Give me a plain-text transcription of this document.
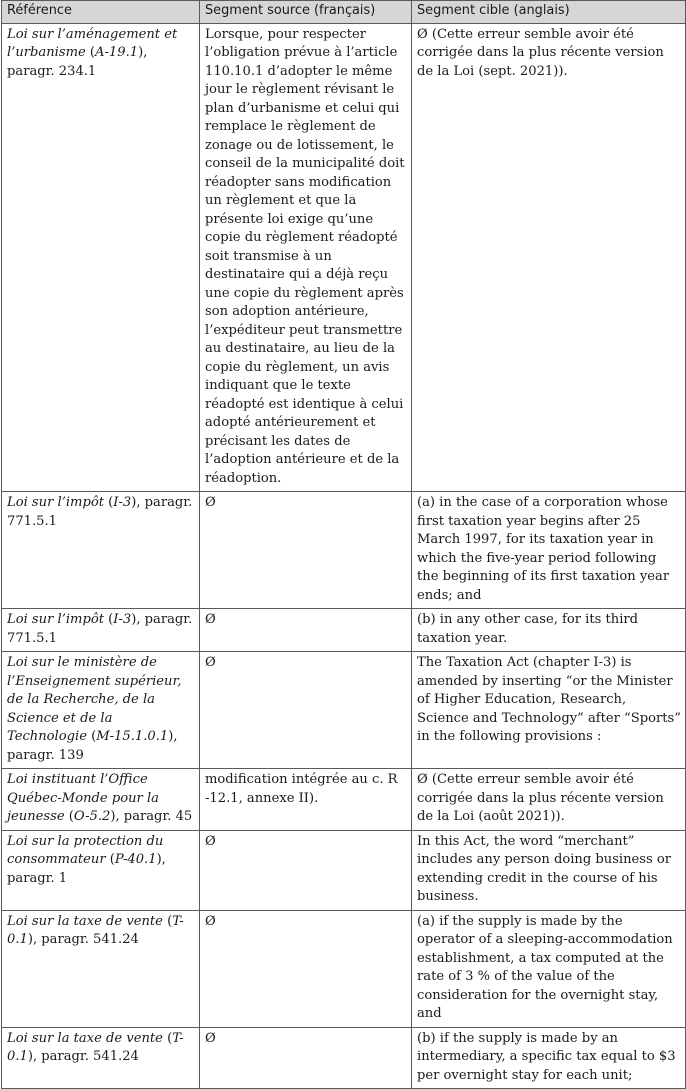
Référence	Segment source (français)	Segment cible (anglais)
Loi sur l’aménagement et l’urbanisme (A-19.1), paragr. 234.1	Lorsque, pour respecter l’obligation prévue à l’article 110.10.1 d’adopter le même jour le règlement révisant le plan d’urbanisme et celui qui remplace le règlement de zonage ou de lotissement, le conseil de la municipalité doit réadopter sans modification un règlement et que la présente loi exige qu’une copie du règlement réadopté soit transmise à un destinataire qui a déjà reçu une copie du règlement après son adoption antérieure, l’expéditeur peut transmettre au destinataire, au lieu de la copie du règlement, un avis indiquant que le texte réadopté est identique à celui adopté antérieurement et précisant les dates de l’adoption antérieure et de la réadoption.	Ø (Cette erreur semble avoir été corrigée dans la plus récente version de la Loi (sept. 2021)).
Loi sur l’impôt (I-3), paragr. 771.5.1	Ø	(a) in the case of a corporation whose first taxation year begins after 25 March 1997, for its taxation year in which the five-year period following the beginning of its first taxation year ends; and
Loi sur l’impôt (I-3), paragr. 771.5.1	Ø	(b) in any other case, for its third taxation year.
Loi sur le ministère de l’Enseignement supérieur, de la Recherche, de la Science et de la Technologie (M-15.1.0.1), paragr. 139	Ø	The Taxation Act (chapter I-3) is amended by inserting “or the Minister of Higher Education, Research, Science and Technology” after “Sports” in the following provisions :
Loi instituant l’Office Québec-Monde pour la jeunesse (O-5.2), paragr. 45	modification intégrée au c. R -12.1, annexe II).	Ø (Cette erreur semble avoir été corrigée dans la plus récente version de la Loi (août 2021)).
Loi sur la protection du consommateur (P-40.1), paragr. 1	Ø	In this Act, the word “merchant” includes any person doing business or extending credit in the course of his business.
Loi sur la taxe de vente (T-0.1), paragr. 541.24	Ø	(a) if the supply is made by the operator of a sleeping-accommodation establishment, a tax computed at the rate of 3 % of the value of the consideration for the overnight stay, and
Loi sur la taxe de vente (T-0.1), paragr. 541.24	Ø	(b) if the supply is made by an intermediary, a specific tax equal to $3 per overnight stay for each unit;
